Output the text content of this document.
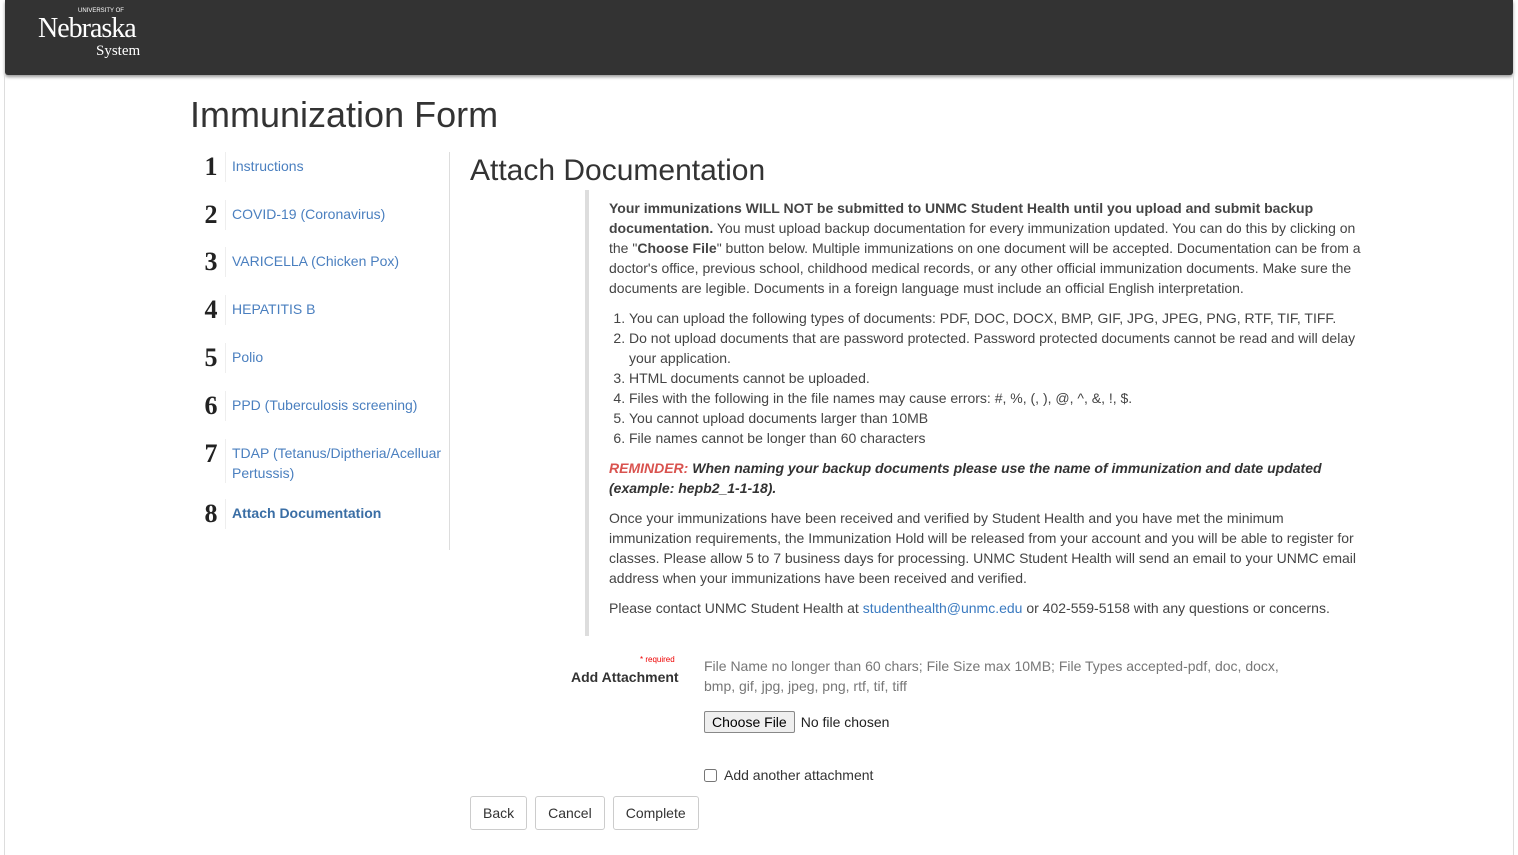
UNIVERSITY OF
Nebraska
System
Immunization Form
1	Instructions
2	COVID-19 (Coronavirus)
3	VARICELLA (Chicken Pox)
4	HEPATITIS B
5	Polio
6	PPD (Tuberculosis screening)
7	TDAP (Tetanus/Diptheria/Acelluar Pertussis)
8	Attach Documentation
Attach Documentation

Your immunizations WILL NOT be submitted to UNMC Student Health until you upload and submit backup documentation. You must upload backup documentation for every immunization updated. You can do this by clicking on the "Choose File" button below. Multiple immunizations on one document will be accepted. Documentation can be from a doctor's office, previous school, childhood medical records, or any other official immunization documents. Make sure the documents are legible. Documents in a foreign language must include an official English interpretation.

1. You can upload the following types of documents: PDF, DOC, DOCX, BMP, GIF, JPG, JPEG, PNG, RTF, TIF, TIFF.
2. Do not upload documents that are password protected. Password protected documents cannot be read and will delay your application.
3. HTML documents cannot be uploaded.
4. Files with the following in the file names may cause errors: #, %, (, ), @, ^, &, !, $.
5. You cannot upload documents larger than 10MB
6. File names cannot be longer than 60 characters

REMINDER: When naming your backup documents please use the name of immunization and date updated (example: hepb2_1-1-18).

Once your immunizations have been received and verified by Student Health and you have met the minimum immunization requirements, the Immunization Hold will be released from your account and you will be able to register for classes. Please allow 5 to 7 business days for processing. UNMC Student Health will send an email to your UNMC email address when your immunizations have been received and verified.

Please contact UNMC Student Health at studenthealth@unmc.edu or 402-559-5158 with any questions or concerns.

* required
Add Attachment
File Name no longer than 60 chars; File Size max 10MB; File Types accepted-pdf, doc, docx, bmp, gif, jpg, jpeg, png, rtf, tif, tiff
Choose File	No file chosen
Add another attachment
Back	Cancel	Complete
